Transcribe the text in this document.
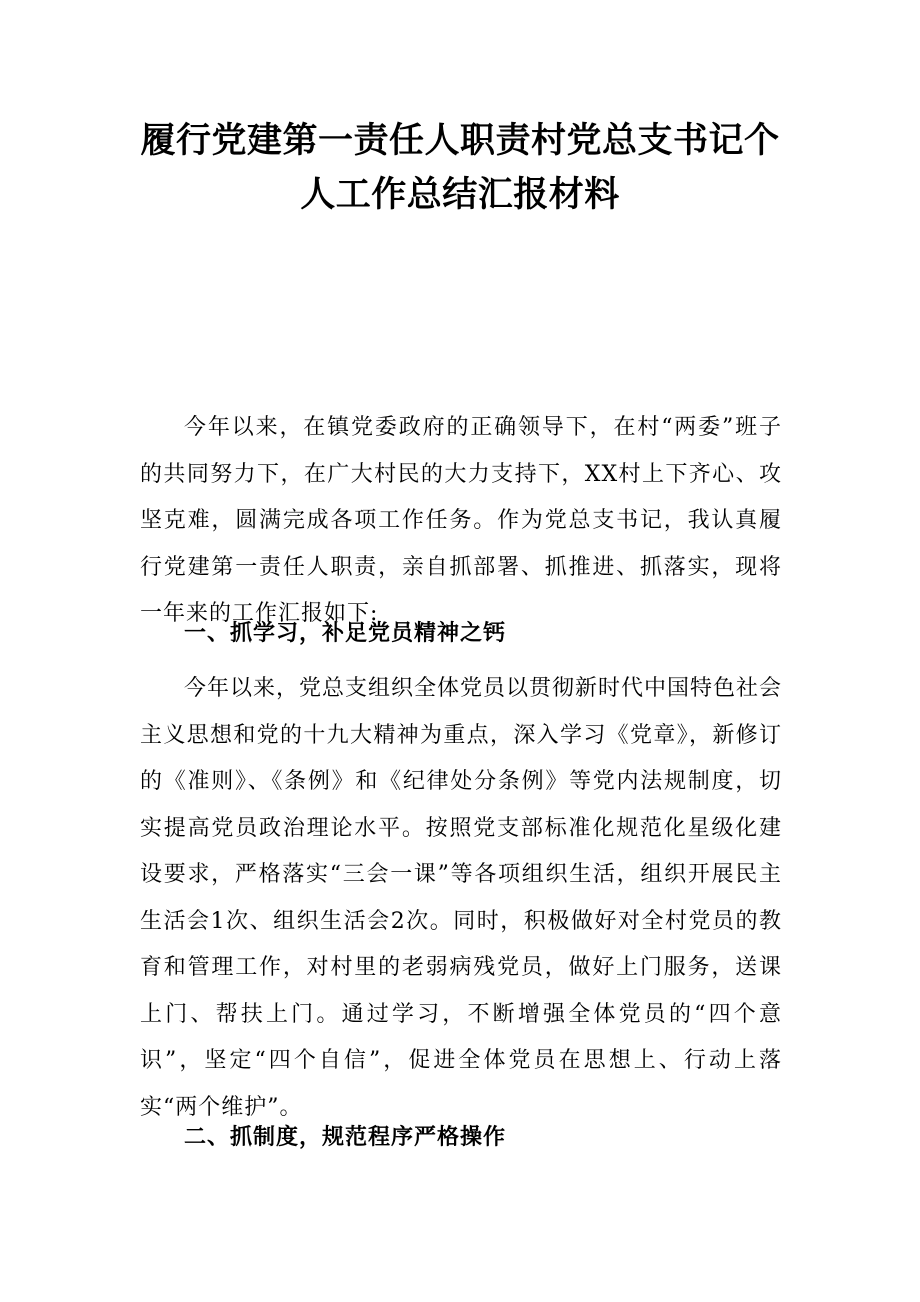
履行党建第一责任人职责村党总支书记个
人工作总结汇报材料

今年以来，在镇党委政府的正确领导下，在村“两委”班子的共同努力下，在广大村民的大力支持下，XX村上下齐心、攻坚克难，圆满完成各项工作任务。作为党总支书记，我认真履行党建第一责任人职责，亲自抓部署、抓推进、抓落实，现将一年来的工作汇报如下:

一、抓学习，补足党员精神之钙

今年以来，党总支组织全体党员以贯彻新时代中国特色社会主义思想和党的十九大精神为重点，深入学习《党章》，新修订的《准则》、《条例》和《纪律处分条例》等党内法规制度，切实提高党员政治理论水平。按照党支部标准化规范化星级化建设要求，严格落实“三会一课”等各项组织生活，组织开展民主生活会1次、组织生活会2次。同时，积极做好对全村党员的教育和管理工作，对村里的老弱病残党员，做好上门服务，送课上门、帮扶上门。通过学习，不断增强全体党员的“四个意识”，坚定“四个自信”，促进全体党员在思想上、行动上落实“两个维护”。

二、抓制度，规范程序严格操作
